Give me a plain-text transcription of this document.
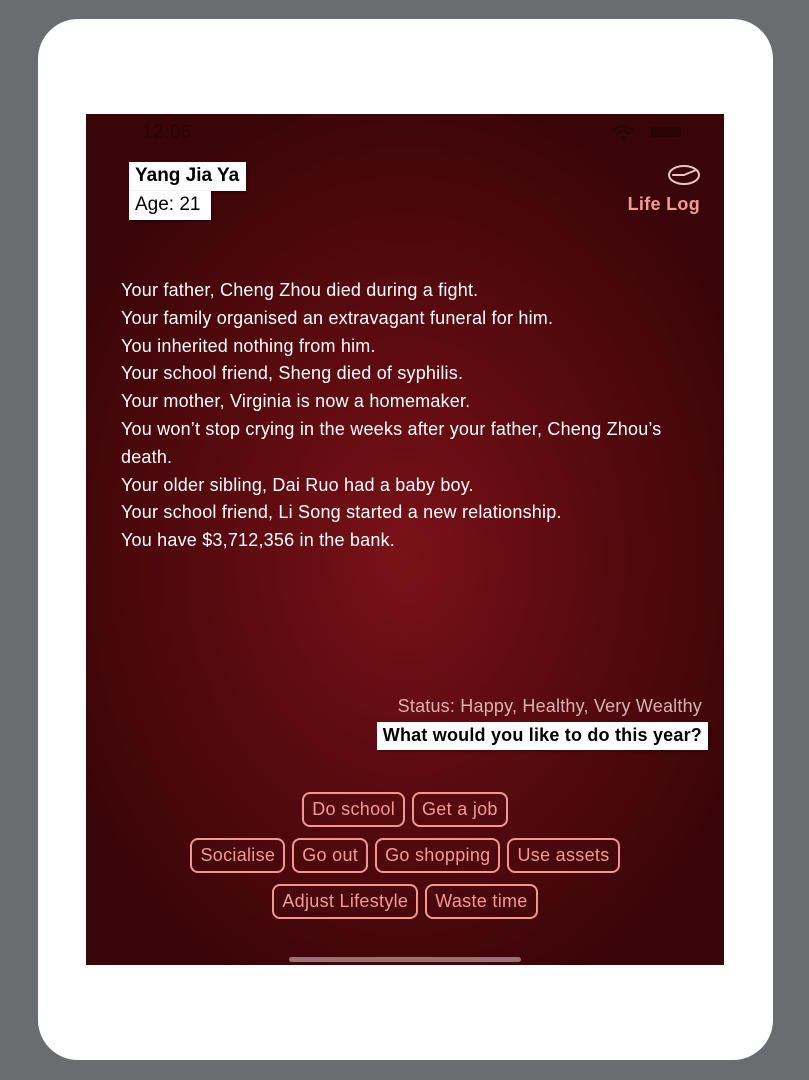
12:06
Yang Jia Ya
Age: 21	Life Log
Your father, Cheng Zhou died during a fight.
Your family organised an extravagant funeral for him.
You inherited nothing from him.
Your school friend, Sheng died of syphilis.
Your mother, Virginia is now a homemaker.
You won’t stop crying in the weeks after your father, Cheng Zhou’s death.
Your older sibling, Dai Ruo had a baby boy.
Your school friend, Li Song started a new relationship.
You have $3,712,356 in the bank.
Status: Happy, Healthy, Very Wealthy
What would you like to do this year?
Do school	Get a job
Socialise	Go out	Go shopping	Use assets
Adjust Lifestyle	Waste time
